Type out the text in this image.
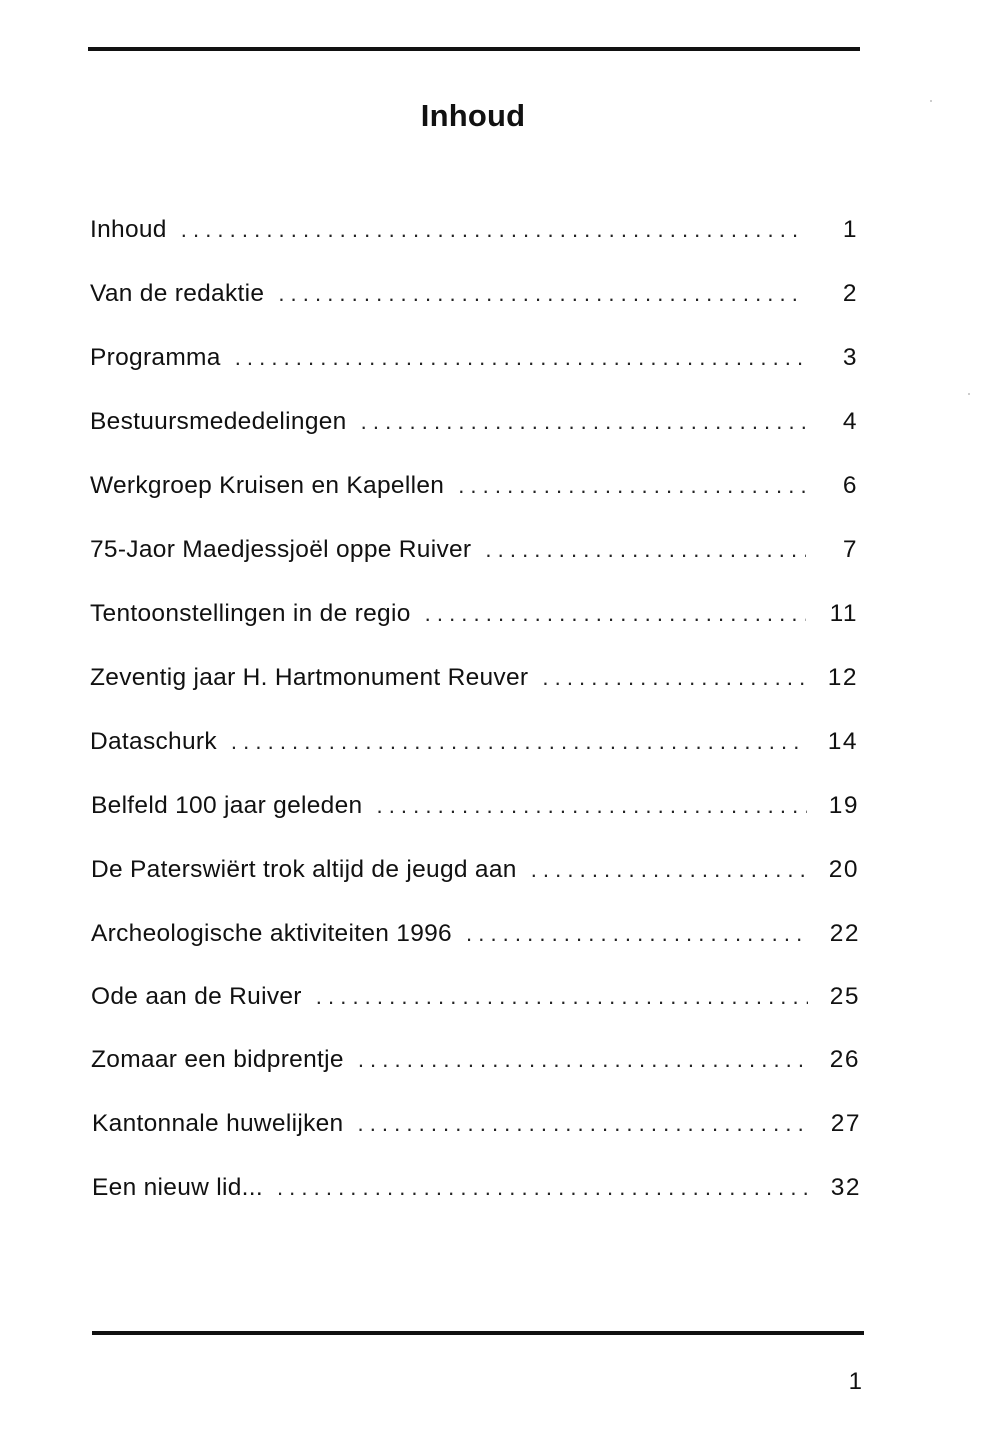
Inhoud
Inhoud . . .	1
Van de redaktie . . .	2
Programma . . .	3
Bestuursmededelingen . . .	4
Werkgroep Kruisen en Kapellen . . .	6
75-Jaor Maedjessjoël oppe Ruiver . . .	7
Tentoonstellingen in de regio . . .	11
Zeventig jaar H. Hartmonument Reuver . . .	12
Dataschurk . . .	14
Belfeld 100 jaar geleden . . .	19
De Paterswiërt trok altijd de jeugd aan . . .	20
Archeologische aktiviteiten 1996 . . .	22
Ode aan de Ruiver . . .	25
Zomaar een bidprentje . . .	26
Kantonnale huwelijken . . .	27
Een nieuw lid... . . .	32
1
